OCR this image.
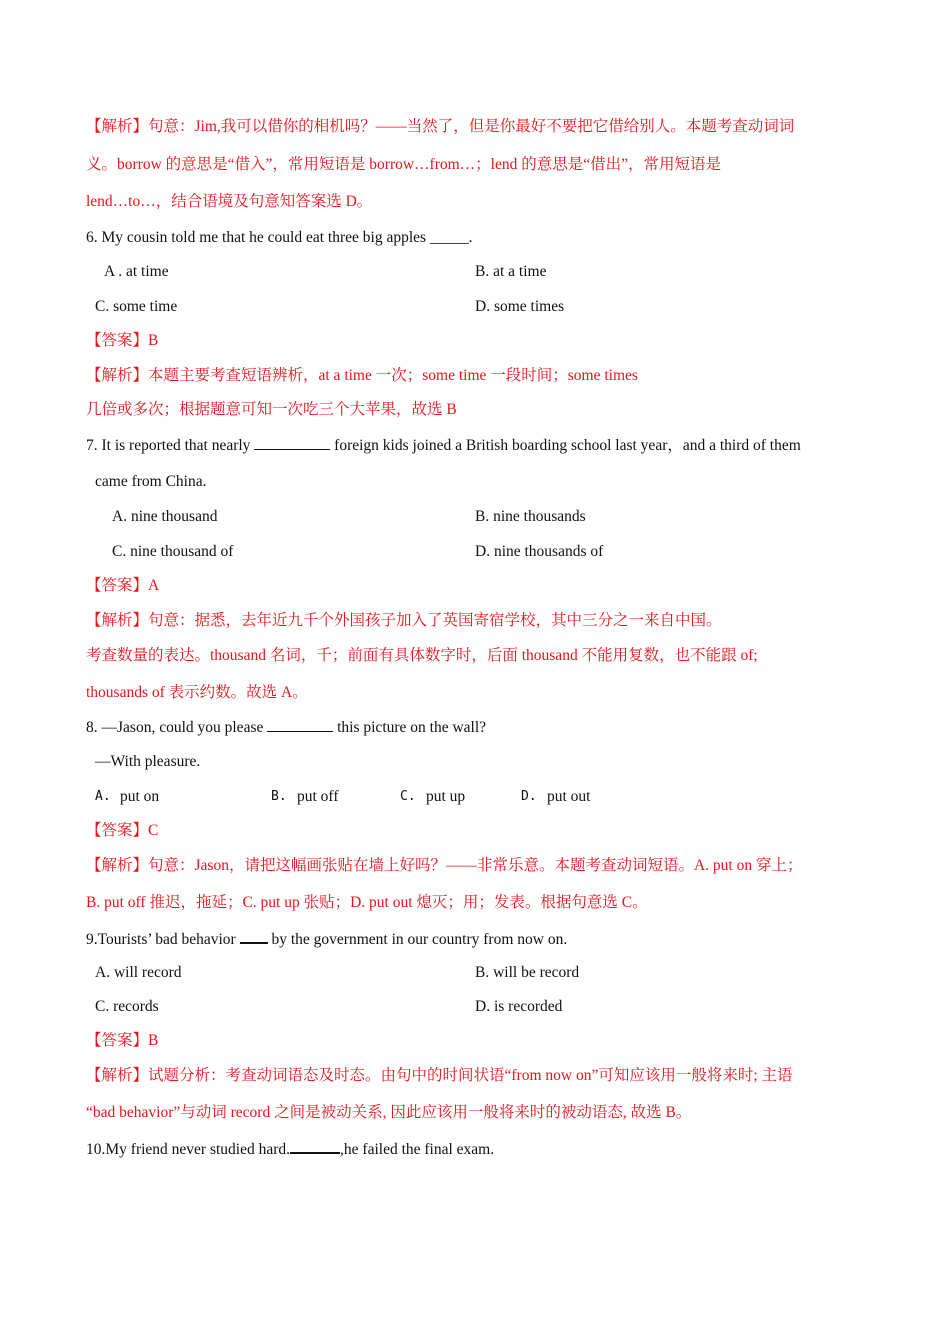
【解析】句意：Jim,我可以借你的相机吗？——当然了，但是你最好不要把它借给别人。本题考查动词词
义。borrow 的意思是“借入”，常用短语是 borrow…from…；lend 的意思是“借出”，常用短语是
lend…to…，结合语境及句意知答案选 D。
6. My cousin told me that he could eat three big apples _____.
A . at time	B. at a time
C. some time	D. some times
【答案】B
【解析】本题主要考查短语辨析，at a time 一次；some time 一段时间；some times
几倍或多次；根据题意可知一次吃三个大苹果，故选 B
7. It is reported that nearly	foreign kids joined a British boarding school last year，and a third of them
came from China.
A. nine thousand	B. nine thousands
C. nine thousand of	D. nine thousands of
【答案】A
【解析】句意：据悉，去年近九千个外国孩子加入了英国寄宿学校，其中三分之一来自中国。
考查数量的表达。thousand 名词，千；前面有具体数字时，后面 thousand 不能用复数，也不能跟 of;
thousands of 表示约数。故选 A。
8. —Jason, could you please	this picture on the wall?
—With pleasure.
A. put on	B. put off	C. put up	D. put out
【答案】C
【解析】句意：Jason，请把这幅画张贴在墙上好吗？——非常乐意。本题考查动词短语。A. put on 穿上；
B. put off 推迟，拖延；C. put up 张贴；D. put out 熄灭；用；发表。根据句意选 C。
9.Tourists’ bad behavior by the government in our country from now on.
A. will record	B. will be record
C. records	D. is recorded
【答案】B
【解析】试题分析：考查动词语态及时态。由句中的时间状语“from now on”可知应该用一般将来时; 主语
“bad behavior”与动词 record 之间是被动关系, 因此应该用一般将来时的被动语态, 故选 B。
10.My friend never studied hard.	,he failed the final exam.
